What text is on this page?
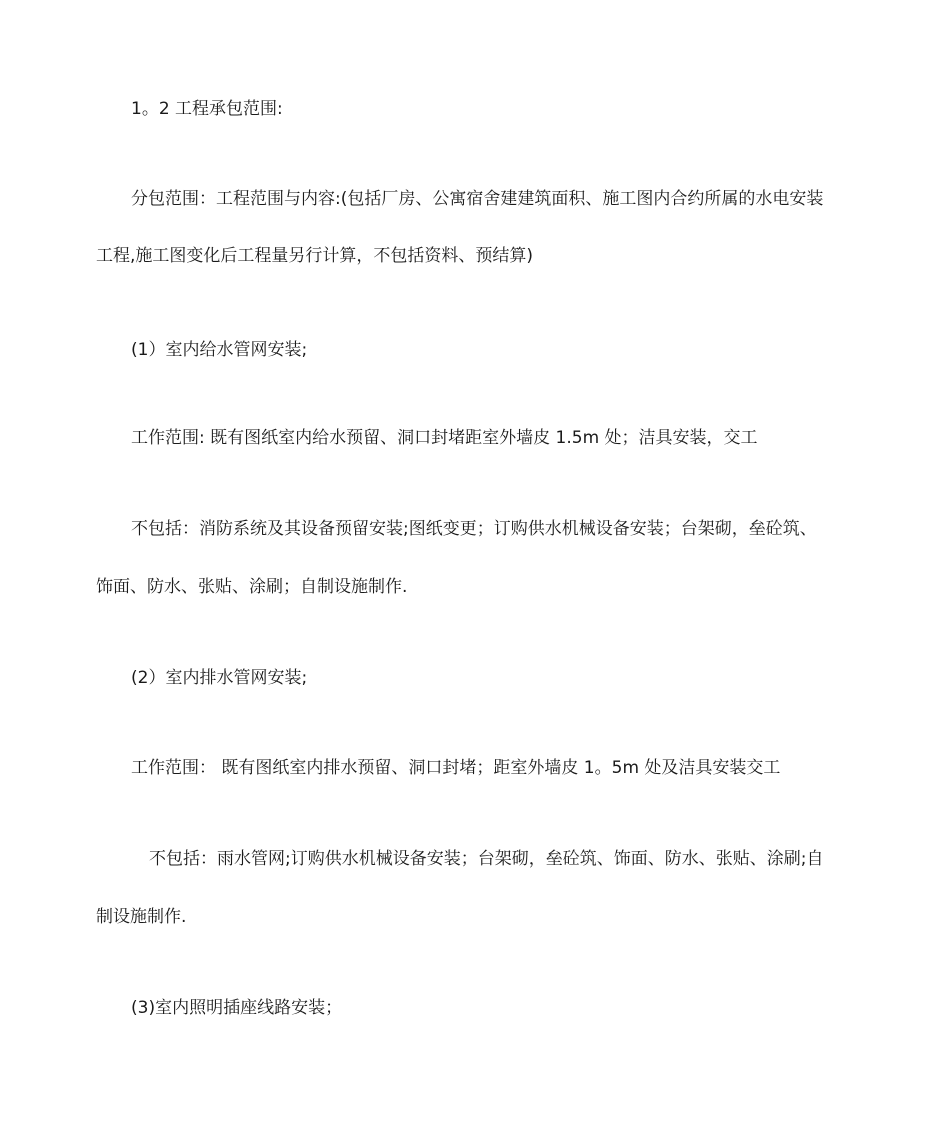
1。2 工程承包范围:
分包范围：工程范围与内容:(包括厂房、公寓宿舍建建筑面积、施工图内合约所属的水电安装
工程,施工图变化后工程量另行计算，不包括资料、预结算)
(1）室内给水管网安装;
工作范围: 既有图纸室内给水预留、洞口封堵距室外墙皮 1.5m 处；洁具安装，交工
不包括：消防系统及其设备预留安装;图纸变更；订购供水机械设备安装；台架砌，垒砼筑、
饰面、防水、张贴、涂刷；自制设施制作.
(2）室内排水管网安装;
工作范围： 既有图纸室内排水预留、洞口封堵；距室外墙皮 1。5m 处及洁具安装交工
不包括：雨水管网;订购供水机械设备安装；台架砌，垒砼筑、饰面、防水、张贴、涂刷;自
制设施制作.
(3)室内照明插座线路安装；
